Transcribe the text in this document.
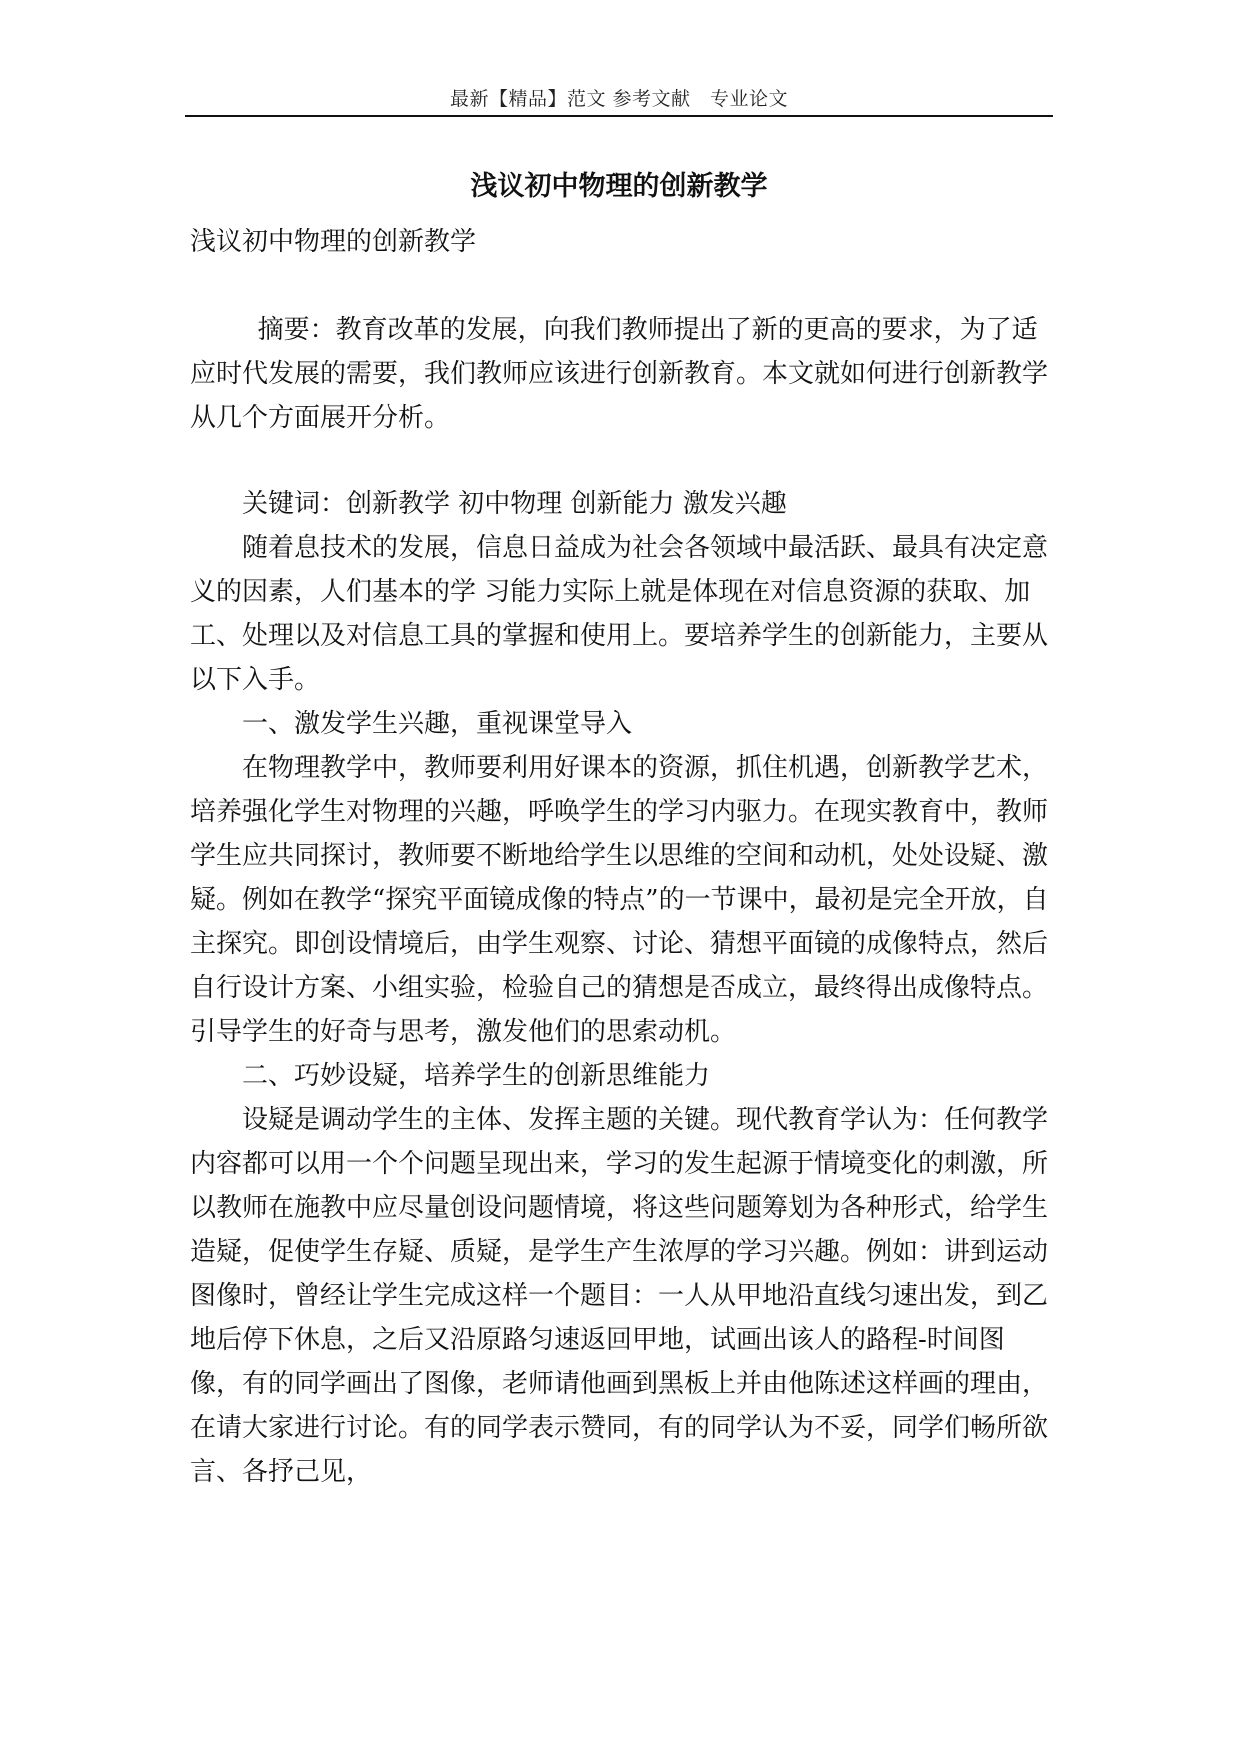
最新【精品】范文 参考文献　专业论文
浅议初中物理的创新教学

浅议初中物理的创新教学

摘要：教育改革的发展，向我们教师提出了新的更高的要求，为了适应时代发展的需要，我们教师应该进行创新教育。本文就如何进行创新教学从几个方面展开分析。

关键词：创新教学 初中物理 创新能力 激发兴趣

随着息技术的发展，信息日益成为社会各领域中最活跃、最具有决定意义的因素，人们基本的学 习能力实际上就是体现在对信息资源的获取、加工、处理以及对信息工具的掌握和使用上。要培养学生的创新能力，主要从以下入手。

一、激发学生兴趣，重视课堂导入

在物理教学中，教师要利用好课本的资源，抓住机遇，创新教学艺术，培养强化学生对物理的兴趣，呼唤学生的学习内驱力。在现实教育中，教师学生应共同探讨，教师要不断地给学生以思维的空间和动机，处处设疑、激疑。例如在教学“探究平面镜成像的特点”的一节课中，最初是完全开放，自主探究。即创设情境后，由学生观察、讨论、猜想平面镜的成像特点，然后自行设计方案、小组实验，检验自己的猜想是否成立，最终得出成像特点。引导学生的好奇与思考，激发他们的思索动机。

二、巧妙设疑，培养学生的创新思维能力

设疑是调动学生的主体、发挥主题的关键。现代教育学认为：任何教学内容都可以用一个个问题呈现出来，学习的发生起源于情境变化的刺激，所以教师在施教中应尽量创设问题情境，将这些问题筹划为各种形式，给学生造疑，促使学生存疑、质疑，是学生产生浓厚的学习兴趣。例如：讲到运动图像时，曾经让学生完成这样一个题目：一人从甲地沿直线匀速出发，到乙地后停下休息，之后又沿原路匀速返回甲地，试画出该人的路程-时间图像，有的同学画出了图像，老师请他画到黑板上并由他陈述这样画的理由，在请大家进行讨论。有的同学表示赞同，有的同学认为不妥，同学们畅所欲言、各抒己见，
